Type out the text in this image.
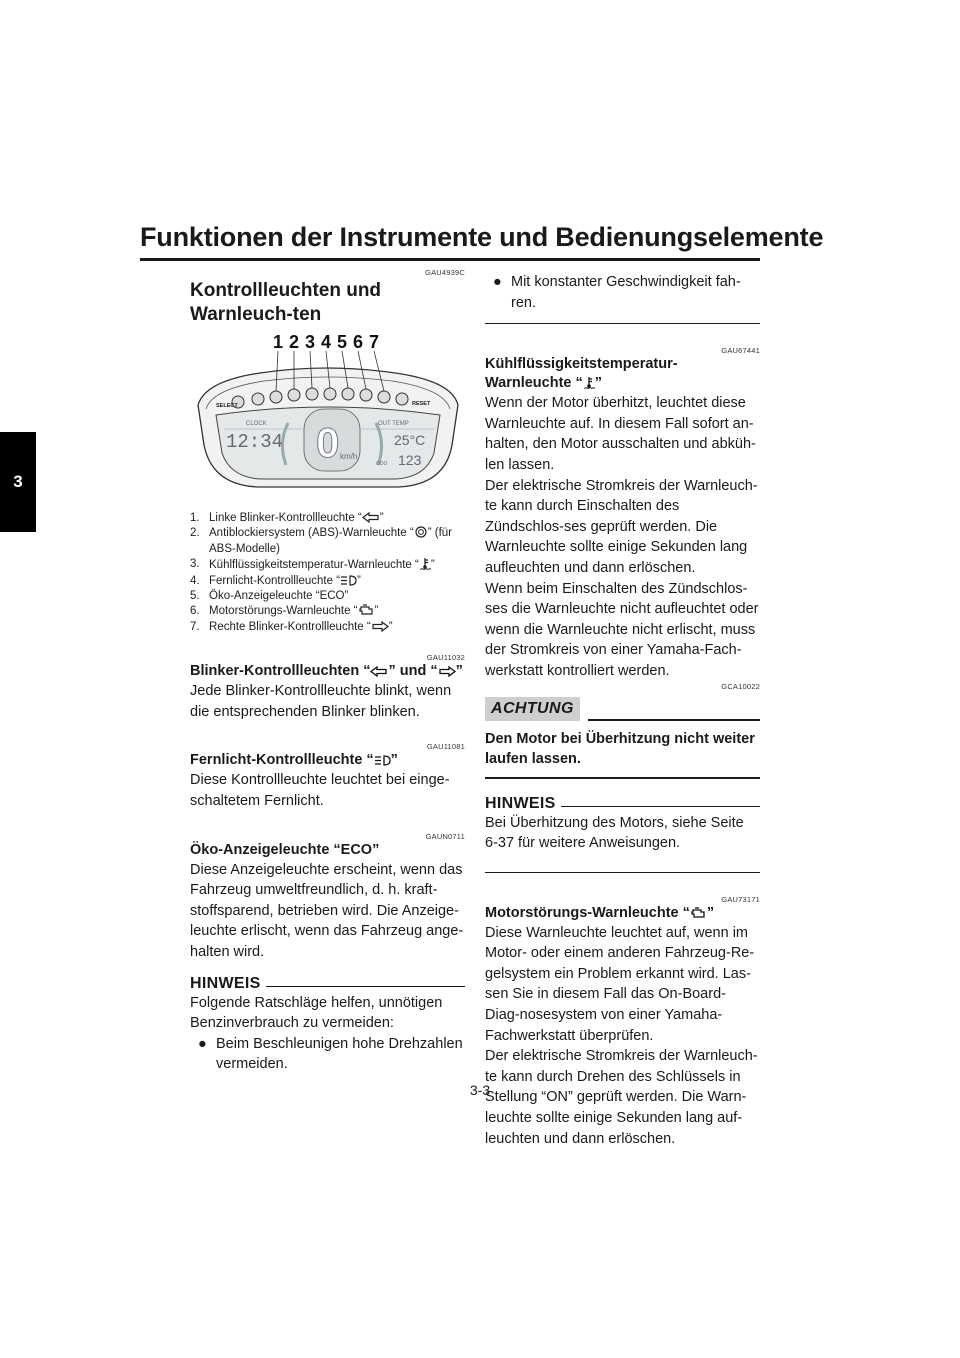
Funktionen der Instrumente und Bedienungselemente
3
GAU4939C
Kontrollleuchten und Warnleuch-ten
1 2 3 4 5 6 7
SELECT	RESET
CLOCK	OUT TEMP
12:34 0 km/h
25°C
123
ODO
1. Linke Blinker-Kontrollleuchte “ ”
2. Antiblockiersystem (ABS)-Warnleuchte “ ” (für ABS-Modelle)
3. Kühlflüssigkeitstemperatur-Warnleuchte “ ”
4. Fernlicht-Kontrollleuchte “ ”
5. Öko-Anzeigeleuchte “ECO”
6. Motorstörungs-Warnleuchte “ ”
7. Rechte Blinker-Kontrollleuchte “ ”
GAU11032
Blinker-Kontrollleuchten “ ” und “ ”
Jede Blinker-Kontrollleuchte blinkt, wenn die entsprechenden Blinker blinken.
GAU11081
Fernlicht-Kontrollleuchte “ ”
Diese Kontrollleuchte leuchtet bei einge-schaltetem Fernlicht.
GAUN0711
Öko-Anzeigeleuchte “ECO”
Diese Anzeigeleuchte erscheint, wenn das Fahrzeug umweltfreundlich, d. h. kraft-stoffsparend, betrieben wird. Die Anzeige-leuchte erlischt, wenn das Fahrzeug ange-halten wird.
HINWEIS
Folgende Ratschläge helfen, unnötigen Benzinverbrauch zu vermeiden:
● Beim Beschleunigen hohe Drehzahlen vermeiden.
● Mit konstanter Geschwindigkeit fah-ren.
GAU67441
Kühlflüssigkeitstemperatur-Warnleuchte “ ”
Wenn der Motor überhitzt, leuchtet diese Warnleuchte auf. In diesem Fall sofort an-halten, den Motor ausschalten und abküh-len lassen.
Der elektrische Stromkreis der Warnleuch-te kann durch Einschalten des Zündschlos-ses geprüft werden. Die Warnleuchte sollte einige Sekunden lang aufleuchten und dann erlöschen.
Wenn beim Einschalten des Zündschlos-ses die Warnleuchte nicht aufleuchtet oder wenn die Warnleuchte nicht erlischt, muss der Stromkreis von einer Yamaha-Fach-werkstatt kontrolliert werden.
GCA10022
ACHTUNG
Den Motor bei Überhitzung nicht weiter laufen lassen.
HINWEIS
Bei Überhitzung des Motors, siehe Seite 6-37 für weitere Anweisungen.
GAU73171
Motorstörungs-Warnleuchte “ ”
Diese Warnleuchte leuchtet auf, wenn im Motor- oder einem anderen Fahrzeug-Re-gelsystem ein Problem erkannt wird. Las-sen Sie in diesem Fall das On-Board-Diag-nosesystem von einer Yamaha-Fachwerkstatt überprüfen.
Der elektrische Stromkreis der Warnleuch-te kann durch Drehen des Schlüssels in Stellung “ON” geprüft werden. Die Warn-leuchte sollte einige Sekunden lang auf-leuchten und dann erlöschen.
3-3
